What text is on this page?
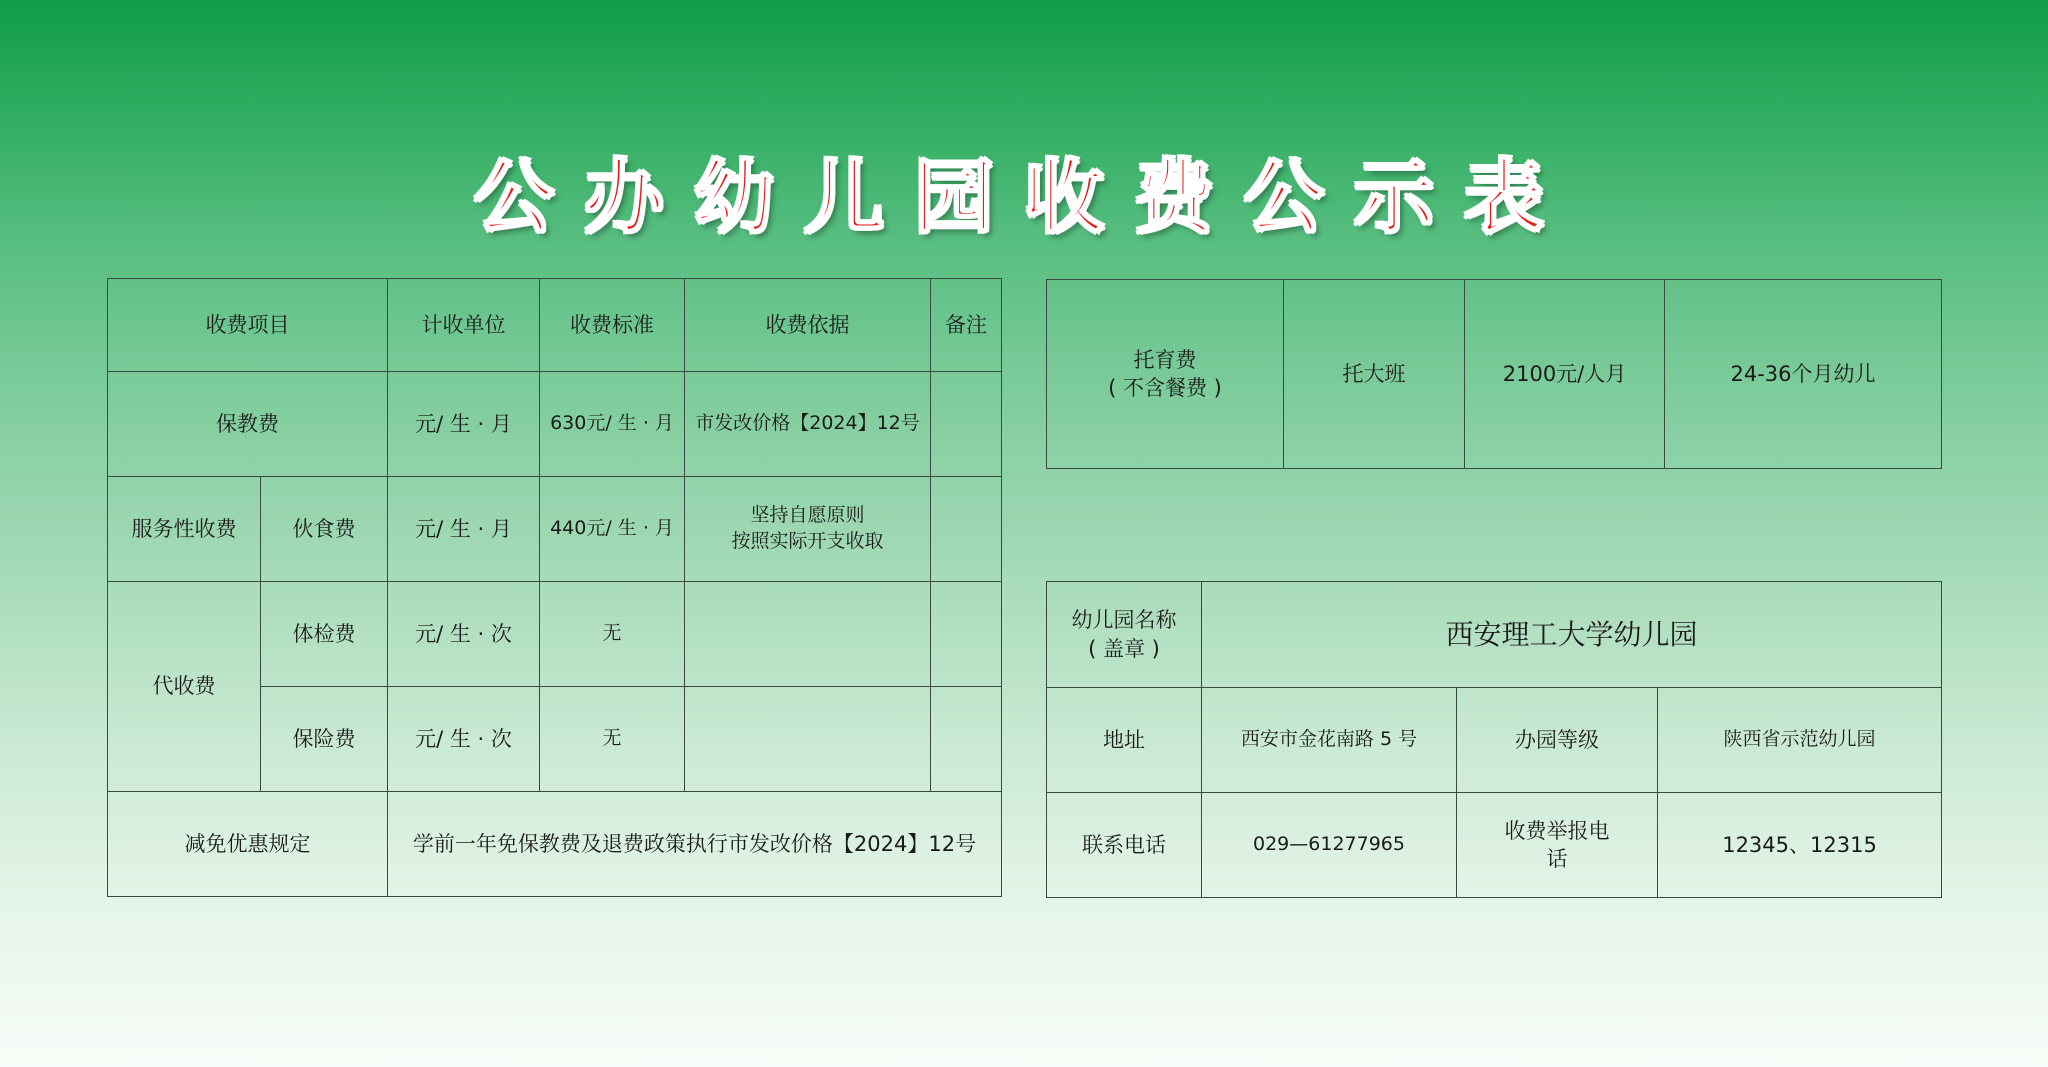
公办幼儿园收费公示表
收费项目		计收单位	收费标准	收费依据	备注
保教费		元/ 生 · 月	630元/ 生 · 月	市发改价格【2024】12号	
服务性收费	伙食费	元/ 生 · 月	440元/ 生 · 月	坚持自愿原则
按照实际开支收取	

代收费	体检费	元/ 生 · 次	无		
	保险费	元/ 生 · 次	无		
减免优惠规定		学前一年免保教费及退费政策执行市发改价格【2024】12号			
托育费
( 不含餐费 )
	托大班	2100元/人月	24-36个月幼儿
幼儿园名称
( 盖章 )	西安理工大学幼儿园		
地址	西安市金花南路 5 号	办园等级	陕西省示范幼儿园
联系电话	029—61277965	收费举报电
话	12345、12315
